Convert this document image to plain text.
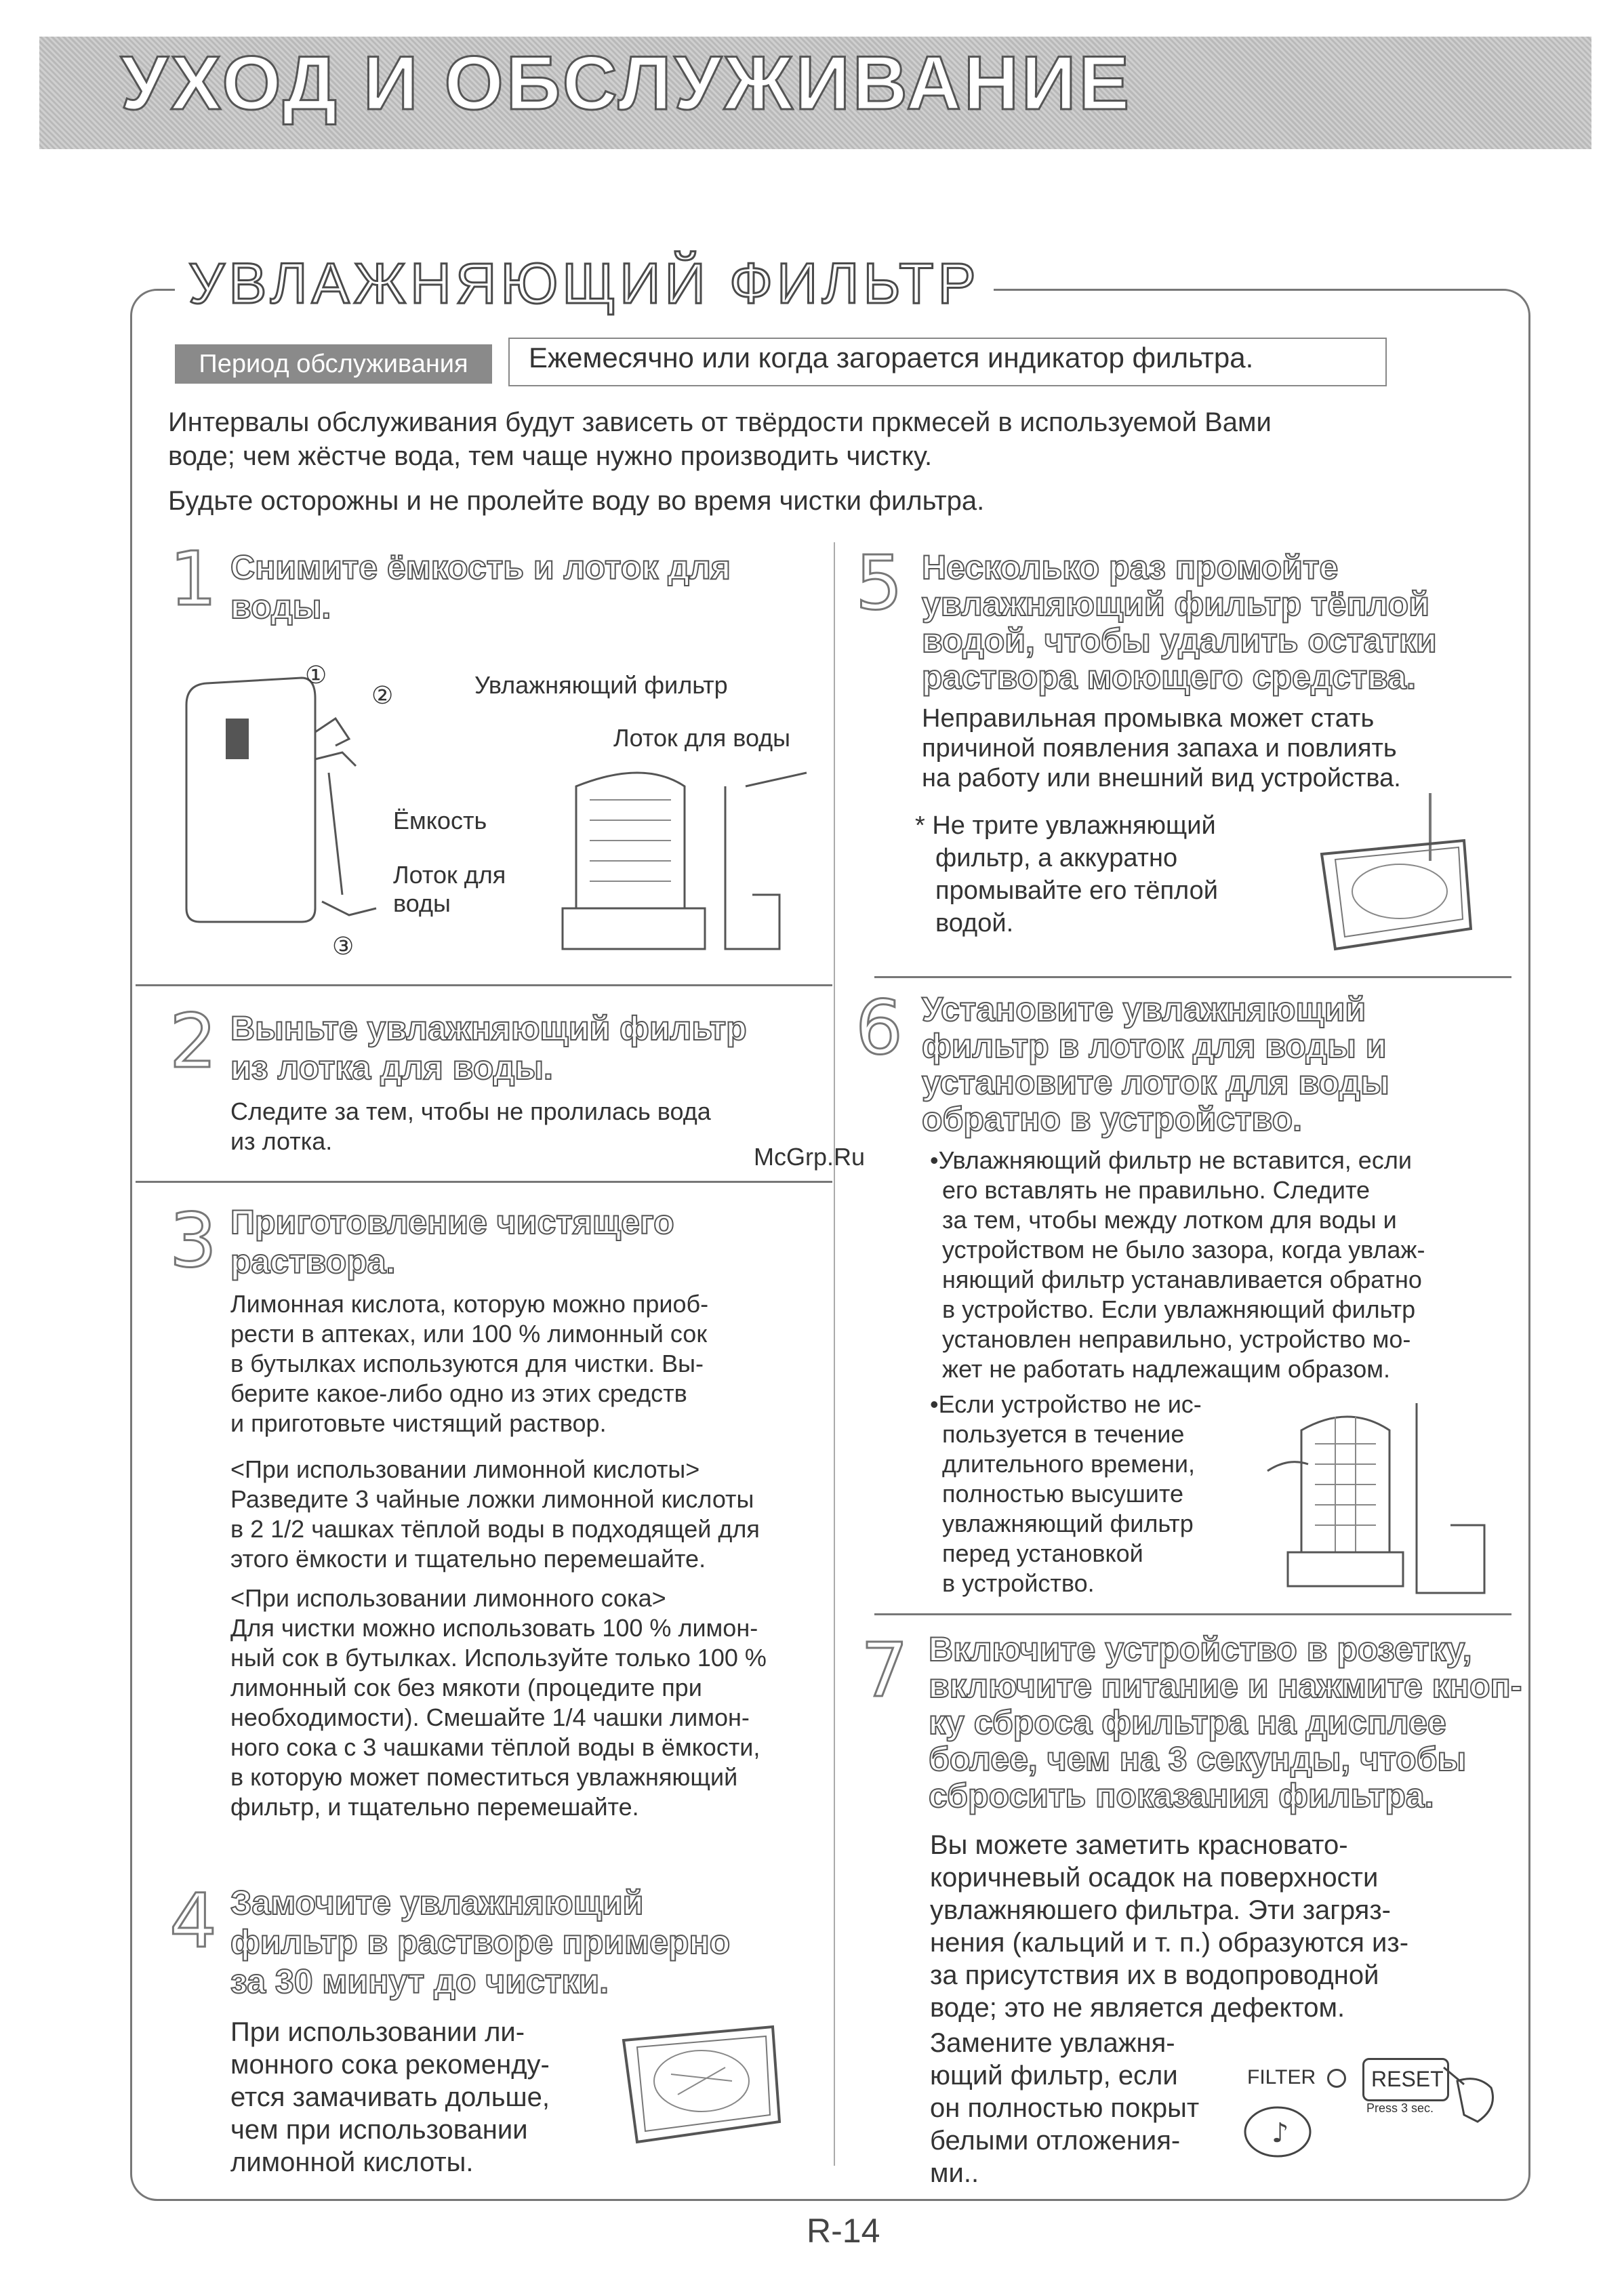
УХОД И ОБСЛУЖИВАНИЕ
УВЛАЖНЯЮЩИЙ ФИЛЬТР
Период обслуживания	Ежемесячно или когда загорается индикатор фильтра.
Интервалы обслуживания будут зависеть от твёрдости пркмесей в используемой Вами
воде; чем жёстче вода, тем чаще нужно производить чистку.
Будьте осторожны и не пролейте воду во время чистки фильтра.
1 Снимите ёмкость и лоток для
воды.
①
②
③
Увлажняющий фильтр
Лоток для воды
Ёмкость
Лоток для
воды
2 Выньте увлажняющий фильтр
из лотка для воды.
Следите за тем, чтобы не пролилась вода
из лотка.
3 Приготовление чистящего
раствора.
Лимонная кислота, которую можно приоб-
рести в аптеках, или 100 % лимонный сок
в бутылках используются для чистки. Вы-
берите какое-либо одно из этих средств
и приготовьте чистящий раствор.
<При использовании лимонной кислоты>
Разведите 3 чайные ложки лимонной кислоты
в 2 1/2 чашках тёплой воды в подходящей для
этого ёмкости и тщательно перемешайте.
<При использовании лимонного сока>
Для чистки можно использовать 100 % лимон-
ный сок в бутылках. Используйте только 100 %
лимонный сок без мякоти (процедите при
необходимости). Смешайте 1/4 чашки лимон-
ного сока с 3 чашками тёплой воды в ёмкости,
в которую может поместиться увлажняющий
фильтр, и тщательно перемешайте.
4 Замочите увлажняющий
фильтр в растворе примерно
за 30 минут до чистки.
При использовании ли-
монного сока рекоменду-
ется замачивать дольше,
чем при использовании
лимонной кислоты.
5 Несколько раз промойте
увлажняющий фильтр тёплой
водой, чтобы удалить остатки
раствора моющего средства.
Неправильная промывка может стать
причиной появления запаха и повлиять
на работу или внешний вид устройства.
* Не трите увлажняющий
фильтр, а аккуратно
промывайте его тёплой
водой.
6 Установите увлажняющий
фильтр в лоток для воды и
установите лоток для воды
обратно в устройство.
•Увлажняющий фильтр не вставится, если
его вставлять не правильно. Следите
за тем, чтобы между лотком для воды и
устройством не было зазора, когда увлаж-
няющий фильтр устанавливается обратно
в устройство. Если увлажняющий фильтр
установлен неправильно, устройство мо-
жет не работать надлежащим образом.
•Если устройство не ис-
пользуется в течение
длительного времени,
полностью высушите
увлажняющий фильтр
перед установкой
в устройство.
7 Включите устройство в розетку,
включите питание и нажмите кноп-
ку сброса фильтра на дисплее
более, чем на 3 секунды, чтобы
сбросить показания фильтра.
Вы можете заметить красновато-
коричневый осадок на поверхности
увлажняюшего фильтра. Эти загряз-
нения (кальций и т. п.) образуются из-
за присутствия их в водопроводной
воде; это не является дефектом.
Замените увлажня-
ющий фильтр, если
он полностью покрыт
белыми отложения-
ми..
FILTER	RESET
Press 3 sec.
♪
McGrp.Ru
R-14
